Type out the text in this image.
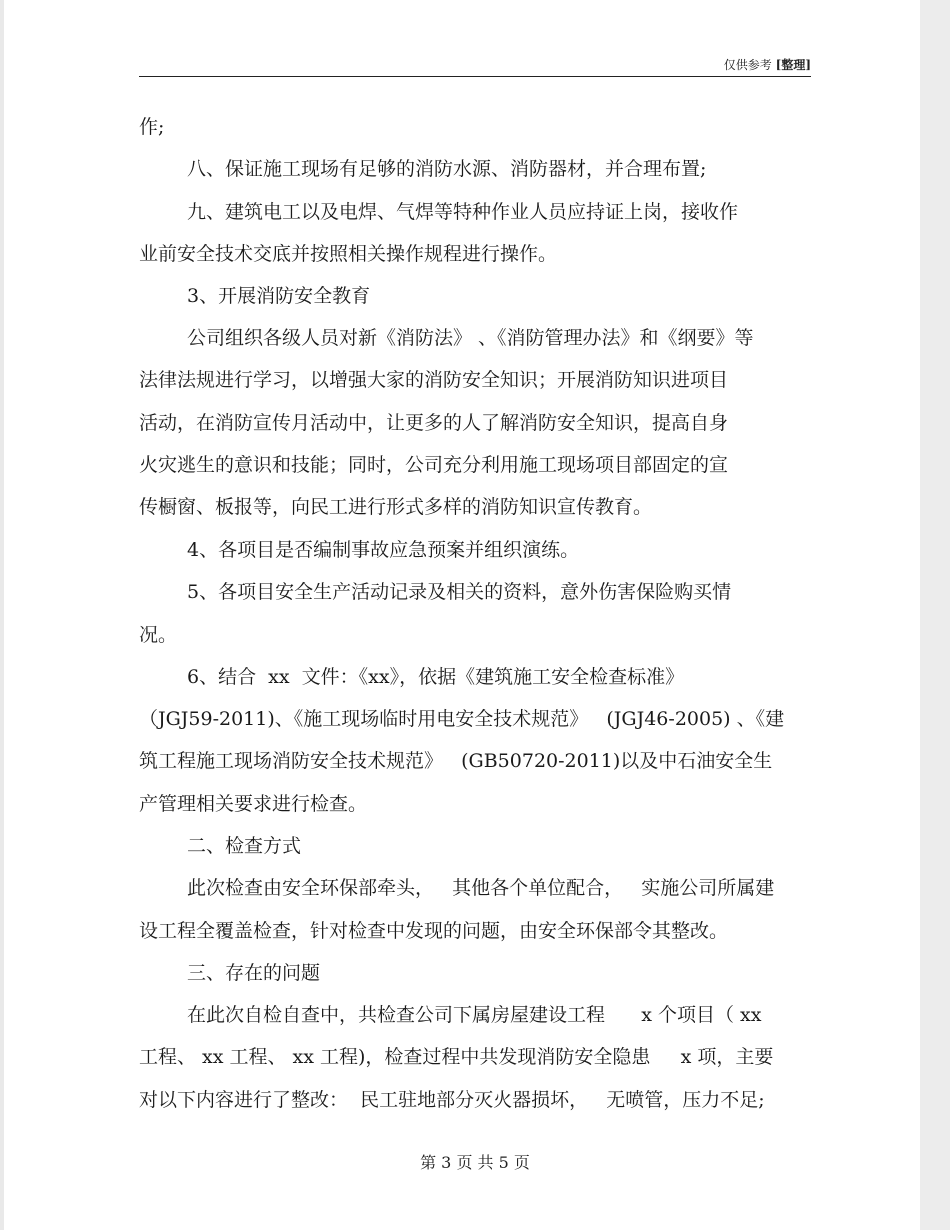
仅供参考 [整理]
作;
八、保证施工现场有足够的消防水源、消防器材，并合理布置;
九、建筑电工以及电焊、气焊等特种作业人员应持证上岗，接收作
业前安全技术交底并按照相关操作规程进行操作。
3、开展消防安全教育
公司组织各级人员对新《消防法》 、《消防管理办法》和《纲要》等
法律法规进行学习，以增强大家的消防安全知识；开展消防知识进项目
活动，在消防宣传月活动中，让更多的人了解消防安全知识，提高自身
火灾逃生的意识和技能；同时，公司充分利用施工现场项目部固定的宣
传橱窗、板报等，向民工进行形式多样的消防知识宣传教育。
4、各项目是否编制事故应急预案并组织演练。
5、各项目安全生产活动记录及相关的资料，意外伤害保险购买情
况。
6、结合  xx  文件：《xx》，依据《建筑施工安全检查标准》
（JGJ59-2011)、《施工现场临时用电安全技术规范》   (JGJ46-2005) 、《建
筑工程施工现场消防安全技术规范》   (GB50720-2011)以及中石油安全生
产管理相关要求进行检查。
二、检查方式
此次检查由安全环保部牵头，   其他各个单位配合，   实施公司所属建
设工程全覆盖检查，针对检查中发现的问题，由安全环保部令其整改。
三、存在的问题
在此次自检自查中，共检查公司下属房屋建设工程      x 个项目（ xx
工程、 xx 工程、 xx 工程)，检查过程中共发现消防安全隐患     x 项，主要
对以下内容进行了整改：  民工驻地部分灭火器损坏，   无喷管，压力不足;
第 3 页 共 5 页
